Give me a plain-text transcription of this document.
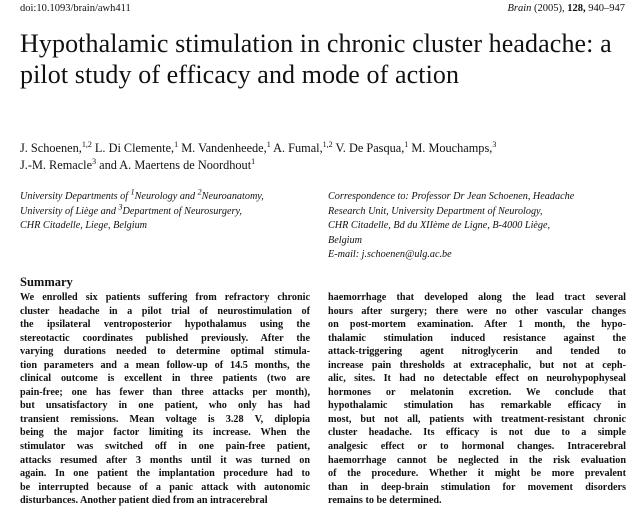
doi:10.1093/brain/awh411	Brain (2005), 128, 940–947
Hypothalamic stimulation in chronic cluster headache: a pilot study of efficacy and mode of action
J. Schoenen,$^{1,2}$ L. Di Clemente,$^1$ M. Vandenheede,$^1$ A. Fumal,$^{1,2}$ V. De Pasqua,$^1$ M. Mouchamps,$^3$
J.-M. Remacle$^3$ and A. Maertens de Noordhout$^1$
University Departments of $^1$Neurology and $^2$Neuroanatomy,
University of Liège and $^3$Department of Neurosurgery,
CHR Citadelle, Liege, Belgium
Correspondence to: Professor Dr Jean Schoenen, Headache
Research Unit, University Department of Neurology,
CHR Citadelle, Bd du XIIème de Ligne, B-4000 Liège,
Belgium
E-mail: j.schoenen@ulg.ac.be
Summary
We enrolled six patients suffering from refractory chronic
cluster headache in a pilot trial of neurostimulation of
the ipsilateral ventroposterior hypothalamus using the
stereotactic coordinates published previously. After the
varying durations needed to determine optimal stimula-
tion parameters and a mean follow-up of 14.5 months, the
clinical outcome is excellent in three patients (two are
pain-free; one has fewer than three attacks per month),
but unsatisfactory in one patient, who only has had
transient remissions. Mean voltage is 3.28 V, diplopia
being the major factor limiting its increase. When the
stimulator was switched off in one pain-free patient,
attacks resumed after 3 months until it was turned on
again. In one patient the implantation procedure had to
be interrupted because of a panic attack with autonomic
disturbances. Another patient died from an intracerebral
haemorrhage that developed along the lead tract several
hours after surgery; there were no other vascular changes
on post-mortem examination. After 1 month, the hypo-
thalamic stimulation induced resistance against the
attack-triggering agent nitroglycerin and tended to
increase pain thresholds at extracephalic, but not at ceph-
alic, sites. It had no detectable effect on neurohypophyseal
hormones or melatonin excretion. We conclude that
hypothalamic stimulation has remarkable efficacy in
most, but not all, patients with treatment-resistant chronic
cluster headache. Its efficacy is not due to a simple
analgesic effect or to hormonal changes. Intracerebral
haemorrhage cannot be neglected in the risk evaluation
of the procedure. Whether it might be more prevalent
than in deep-brain stimulation for movement disorders
remains to be determined.
